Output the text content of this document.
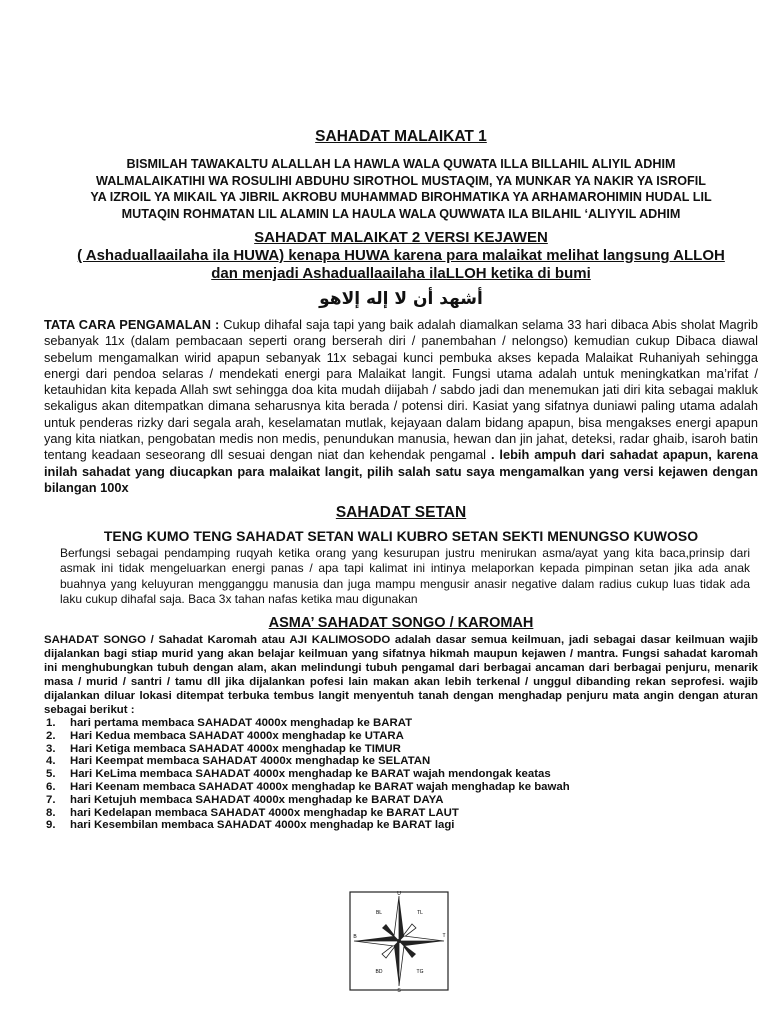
SAHADAT MALAIKAT 1

BISMILAH TAWAKALTU ALALLAH LA HAWLA WALA QUWATA ILLA BILLAHIL ALIYIL ADHIM

WALMALAIKATIHI WA ROSULIHI ABDUHU SIROTHOL MUSTAQIM, YA MUNKAR YA NAKIR YA ISROFIL

YA IZROIL YA MIKAIL YA JIBRIL AKROBU MUHAMMAD BIROHMATIKA YA ARHAMAROHIMIN HUDAL LIL

MUTAQIN ROHMATAN LIL ALAMIN LA HAULA WALA QUWWATA ILA BILAHIL ‘ALIYYIL ADHIM

SAHADAT MALAIKAT 2 VERSI KEJAWEN

( Ashaduallaailaha ila HUWA) kenapa HUWA karena para malaikat melihat langsung ALLOH

dan menjadi Ashaduallaailaha ilaLLOH ketika di bumi

أشهد أن لا إله إلاهو

TATA CARA PENGAMALAN : Cukup dihafal saja tapi yang baik adalah diamalkan selama 33 hari dibaca Abis sholat Magrib sebanyak 11x (dalam pembacaan seperti orang berserah diri / panembahan / nelongso) kemudian cukup Dibaca diawal sebelum mengamalkan wirid apapun sebanyak 11x sebagai kunci pembuka akses kepada Malaikat Ruhaniyah sehingga energi dari pendoa selaras / mendekati energi para Malaikat langit. Fungsi utama adalah untuk meningkatkan ma’rifat / ketauhidan kita kepada Allah swt sehingga doa kita mudah diijabah / sabdo jadi dan menemukan jati diri kita sebagai makluk sekaligus akan ditempatkan dimana seharusnya kita berada / potensi diri. Kasiat yang sifatnya duniawi paling utama adalah untuk penderas rizky dari segala arah, keselamatan mutlak, kejayaan dalam bidang apapun, bisa mengakses energi apapun yang kita niatkan, pengobatan medis non medis, penundukan manusia, hewan dan jin jahat, deteksi, radar ghaib, isaroh batin tentang keadaan seseorang dll sesuai dengan niat dan kehendak pengamal . lebih ampuh dari sahadat apapun, karena inilah sahadat yang diucapkan para malaikat langit, pilih salah satu saya mengamalkan yang versi kejawen dengan bilangan 100x

SAHADAT SETAN

TENG KUMO TENG SAHADAT SETAN WALI KUBRO SETAN SEKTI MENUNGSO KUWOSO

Berfungsi sebagai pendamping ruqyah ketika orang yang kesurupan justru menirukan asma/ayat yang kita baca,prinsip dari asmak ini tidak mengeluarkan energi panas / apa tapi kalimat ini intinya melaporkan kepada pimpinan setan jika ada anak buahnya yang keluyuran mengganggu manusia dan juga mampu mengusir anasir negative dalam radius cukup luas tidak ada laku cukup dihafal saja. Baca 3x tahan nafas ketika mau digunakan

ASMA’ SAHADAT SONGO / KAROMAH

SAHADAT SONGO / Sahadat Karomah atau AJI KALIMOSODO adalah dasar semua keilmuan, jadi sebagai dasar keilmuan wajib dijalankan bagi stiap murid yang akan belajar keilmuan yang sifatnya hikmah maupun kejawen / mantra. Fungsi sahadat karomah ini menghubungkan tubuh dengan alam, akan melindungi tubuh pengamal dari berbagai ancaman dari berbagai penjuru, menarik masa / murid / santri / tamu dll jika dijalankan pofesi lain makan akan lebih terkenal / unggul dibanding rekan seprofesi. wajib dijalankan diluar lokasi ditempat terbuka tembus langit menyentuh tanah dengan menghadap penjuru mata angin dengan aturan sebagai berikut :

1. hari pertama membaca SAHADAT 4000x menghadap ke BARAT
2. Hari Kedua membaca SAHADAT 4000x menghadap ke UTARA
3. Hari Ketiga membaca SAHADAT 4000x menghadap ke TIMUR
4. Hari Keempat membaca SAHADAT 4000x menghadap ke SELATAN
5. Hari KeLima membaca SAHADAT 4000x menghadap ke BARAT wajah mendongak keatas
6. Hari Keenam membaca SAHADAT 4000x menghadap ke BARAT wajah menghadap ke bawah
7. hari Ketujuh membaca SAHADAT 4000x menghadap ke BARAT DAYA
8. hari Kedelapan membaca SAHADAT 4000x menghadap ke BARAT LAUT
9. hari Kesembilan membaca SAHADAT 4000x menghadap ke BARAT lagi
U
S
T
B
BL	TL
BD	TG
